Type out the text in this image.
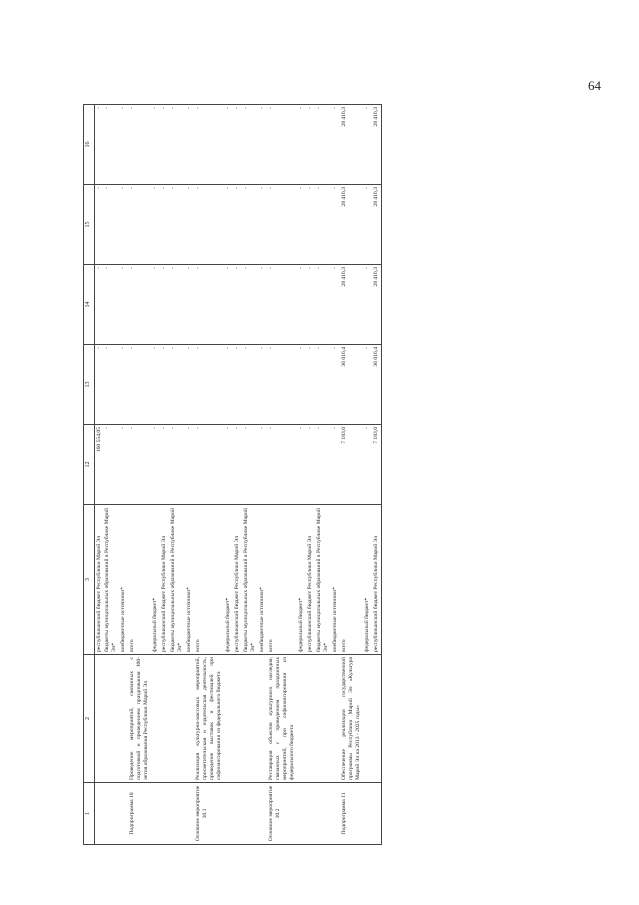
64
1	2	3	12	13	14	15	16
		республиканский бюджет Республики Марий Эл	160 554,05	-	-	-	-
		бюджеты муниципальных образований в Республике Марий Эл*	-	-	-	-	-
		внебюджетные источники*	-	-	-	-	-
Подпрограмма 10	Проведение мероприятий, связанных с подготовкой и проведением празднования 100-летия образования Республики Марий Эл	всего	-	-	-	-	-
		федеральный бюджет*	-	-	-	-	-
		республиканский бюджет Республики Марий Эл	-	-	-	-	-
		бюджеты муниципальных образований в Республике Марий Эл*	-	-	-	-	-
		внебюджетные источники*	-	-	-	-	-
Основное мероприятие 10.1	Реализация культурно-массовых мероприятий, просветительская и издательская деятельность, проведение выставок и фестивалей при софинансировании из федерального бюджета	всего	-	-	-	-	-
		федеральный бюджет*	-	-	-	-	-
		республиканский бюджет Республики Марий Эл	-	-	-	-	-
		бюджеты муниципальных образований в Республике Марий Эл*	-	-	-	-	-
		внебюджетные источники*	-	-	-	-	-
Основное мероприятие 10.2	Реставрация объектов культурного наследия, связанных с проведением праздничных мероприятий, при софинансировании из федерального бюджета	всего	-	-	-	-	-
		федеральный бюджет*	-	-	-	-	-
		республиканский бюджет Республики Марий Эл	-	-	-	-	-
		бюджеты муниципальных образований в Республике Марий Эл*	-	-	-	-	-
		внебюджетные источники*	-	-	-	-	-
Подпрограмма 11	Обеспечение реализации государственной программы Республики Марий Эл «Культура Марий Эл на 2013 - 2025 годы»	всего	7 183,0	36 016,4	28 416,3	28 416,3	28 416,3
		федеральный бюджет*	-	-	-	-	-
		республиканский бюджет Республики Марий Эл	7 183,0	36 016,4	28 416,3	28 416,3	28 416,3
